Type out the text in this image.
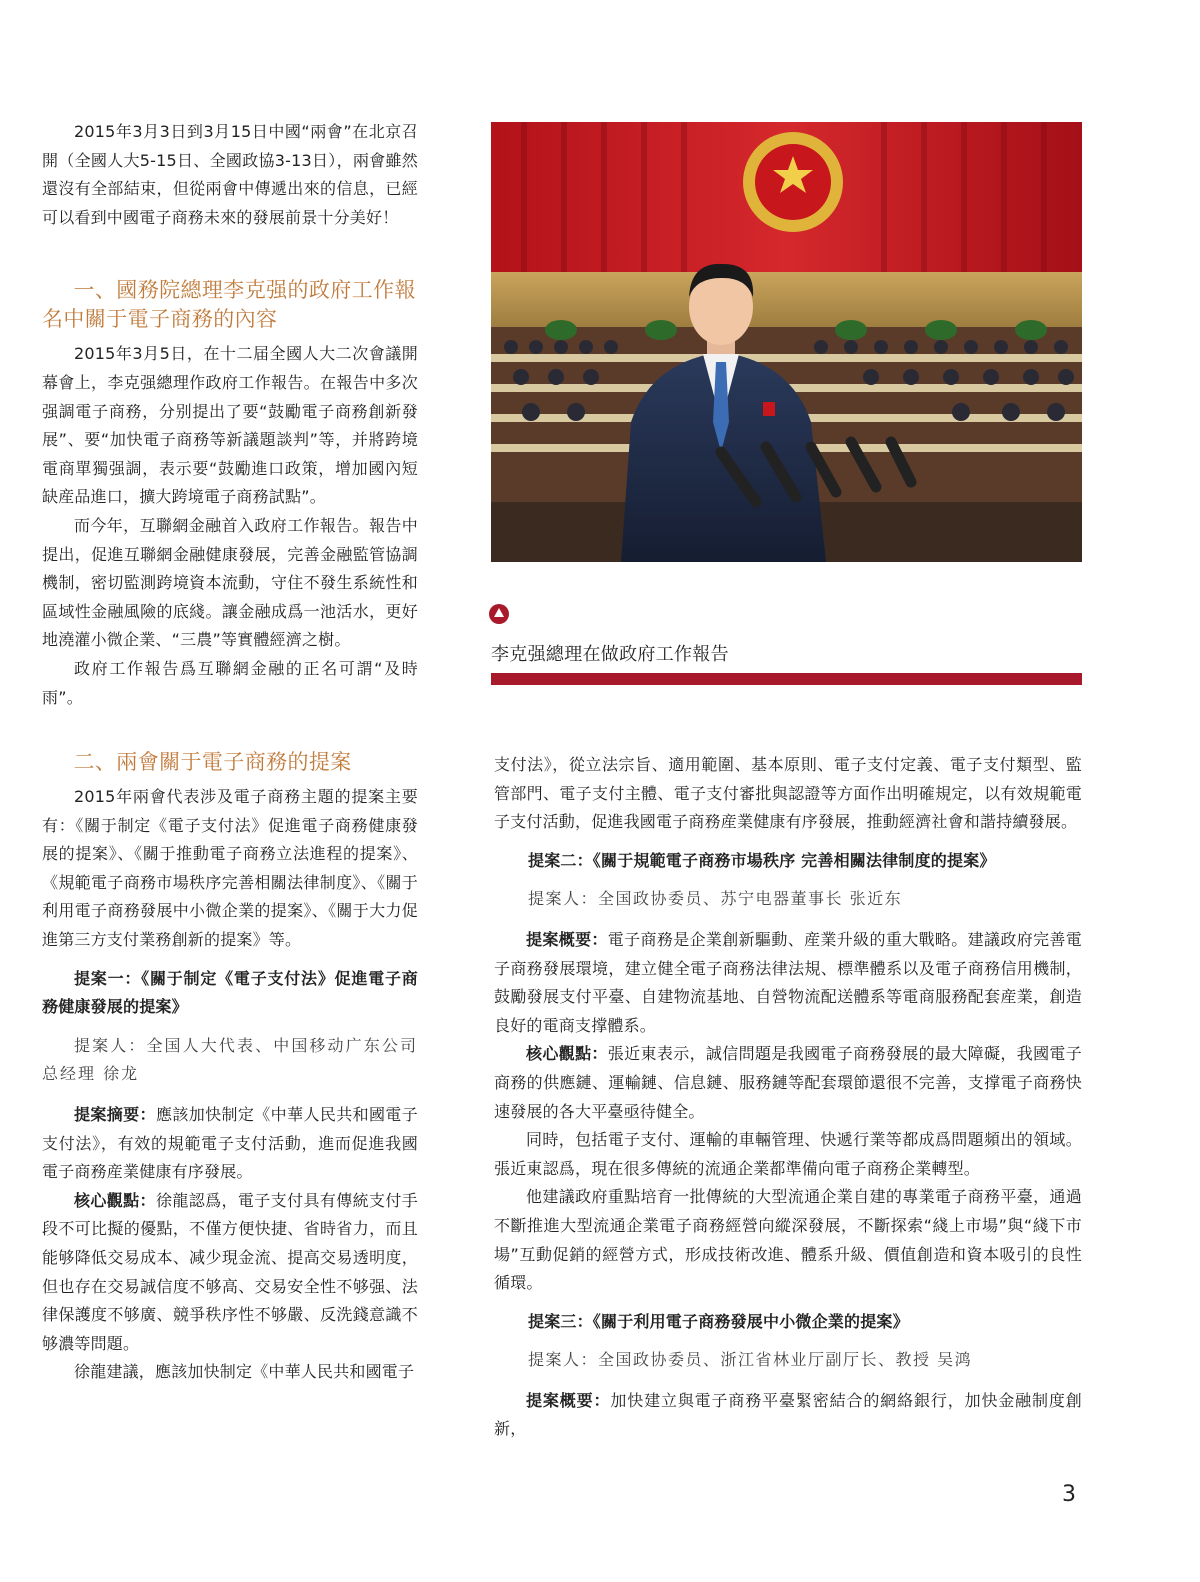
2015年3月3日到3月15日中國“兩會”在北京召開（全國人大5-15日、全國政協3-13日），兩會雖然還沒有全部結束，但從兩會中傳遞出來的信息，已經可以看到中國電子商務未來的發展前景十分美好！

一、國務院總理李克强的政府工作報名中關于電子商務的內容

2015年3月5日，在十二届全國人大二次會議開幕會上，李克强總理作政府工作報告。在報告中多次强調電子商務，分别提出了要“鼓勵電子商務創新發展”、要“加快電子商務等新議題談判”等，并將跨境電商單獨强調，表示要“鼓勵進口政策，增加國內短缺産品進口，擴大跨境電子商務試點”。

而今年，互聯網金融首入政府工作報告。報告中提出，促進互聯網金融健康發展，完善金融監管協調機制，密切監測跨境資本流動，守住不發生系統性和區域性金融風險的底綫。讓金融成爲一池活水，更好地澆灌小微企業、“三農”等實體經濟之樹。

政府工作報告爲互聯網金融的正名可謂“及時雨”。

二、兩會關于電子商務的提案

2015年兩會代表涉及電子商務主題的提案主要有：《關于制定《電子支付法》促進電子商務健康發展的提案》、《關于推動電子商務立法進程的提案》、《規範電子商務市場秩序完善相關法律制度》、《關于利用電子商務發展中小微企業的提案》、《關于大力促進第三方支付業務創新的提案》等。

提案一：《關于制定《電子支付法》促進電子商務健康發展的提案》

提案人：全国人大代表、中国移动广东公司总经理 徐龙

提案摘要：應該加快制定《中華人民共和國電子支付法》，有效的規範電子支付活動，進而促進我國電子商務産業健康有序發展。

核心觀點：徐龍認爲，電子支付具有傳統支付手段不可比擬的優點，不僅方便快捷、省時省力，而且能够降低交易成本、减少現金流、提高交易透明度，但也存在交易誠信度不够高、交易安全性不够强、法律保護度不够廣、競爭秩序性不够嚴、反洗錢意識不够濃等問題。

徐龍建議，應該加快制定《中華人民共和國電子

李克强總理在做政府工作報告

支付法》，從立法宗旨、適用範圍、基本原則、電子支付定義、電子支付類型、監管部門、電子支付主體、電子支付審批與認證等方面作出明確規定，以有效規範電子支付活動，促進我國電子商務産業健康有序發展，推動經濟社會和諧持續發展。

提案二：《關于規範電子商務市場秩序 完善相關法律制度的提案》

提案人：全国政协委员、苏宁电器董事长 张近东

提案概要：電子商務是企業創新驅動、産業升級的重大戰略。建議政府完善電子商務發展環境，建立健全電子商務法律法規、標準體系以及電子商務信用機制，鼓勵發展支付平臺、自建物流基地、自營物流配送體系等電商服務配套産業，創造良好的電商支撑體系。

核心觀點：張近東表示，誠信問題是我國電子商務發展的最大障礙，我國電子商務的供應鏈、運輸鏈、信息鏈、服務鏈等配套環節還很不完善，支撑電子商務快速發展的各大平臺亟待健全。

同時，包括電子支付、運輸的車輛管理、快遞行業等都成爲問題頻出的領域。張近東認爲，現在很多傳統的流通企業都準備向電子商務企業轉型。

他建議政府重點培育一批傳統的大型流通企業自建的專業電子商務平臺，通過不斷推進大型流通企業電子商務經營向縱深發展，不斷探索“綫上市場”與“綫下市場”互動促銷的經營方式，形成技術改進、體系升級、價值創造和資本吸引的良性循環。

提案三：《關于利用電子商務發展中小微企業的提案》

提案人：全国政协委员、浙江省林业厅副厅长、教授 吴鸿

提案概要：加快建立與電子商務平臺緊密結合的網絡銀行，加快金融制度創新，

3
